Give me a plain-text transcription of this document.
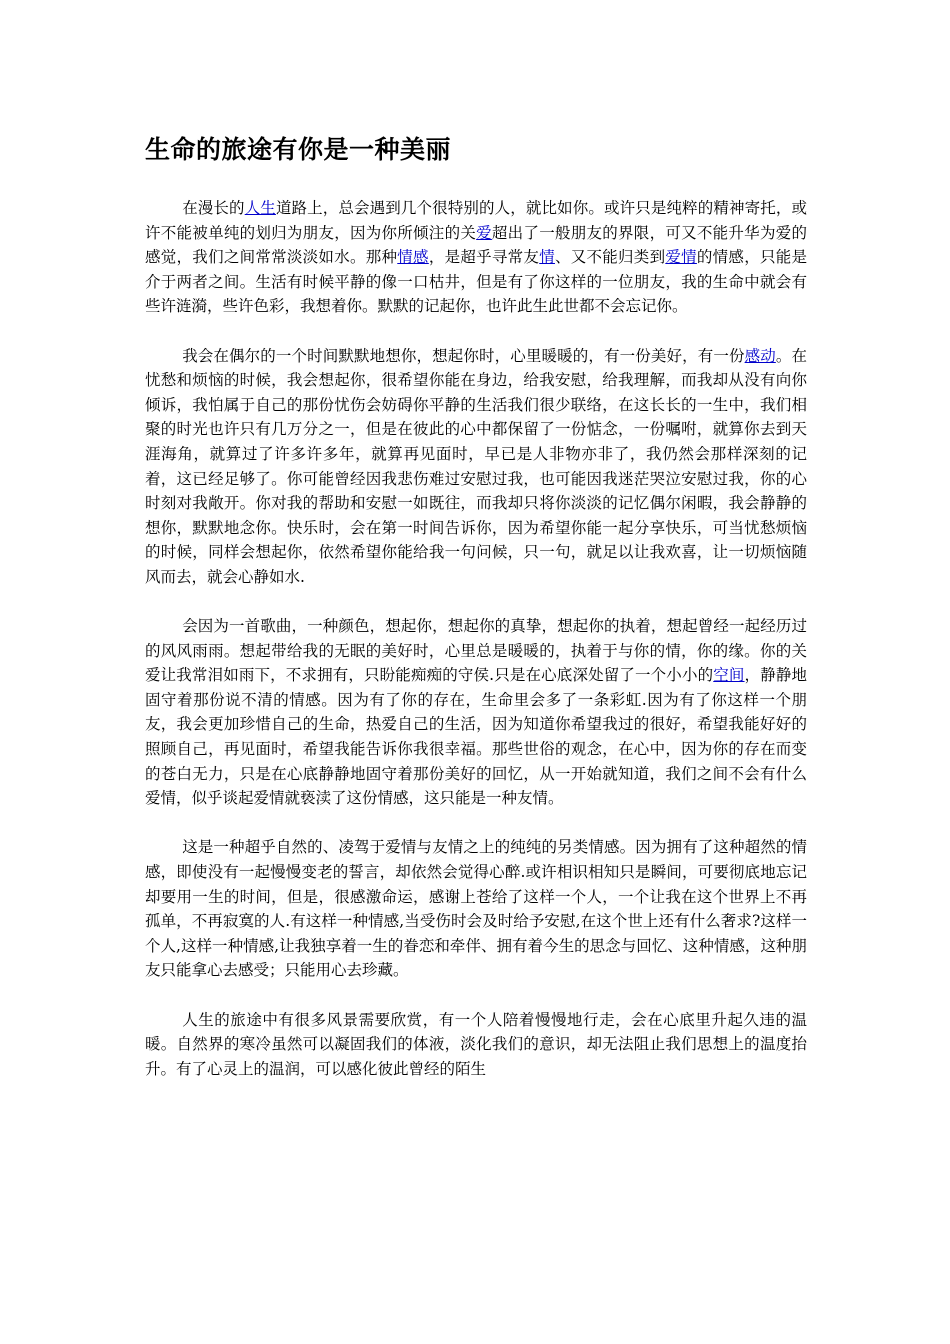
生命的旅途有你是一种美丽

在漫长的人生道路上，总会遇到几个很特别的人，就比如你。或许只是纯粹的精神寄托，或许不能被单纯的划归为朋友，因为你所倾注的关爱超出了一般朋友的界限，可又不能升华为爱的感觉，我们之间常常淡淡如水。那种情感，是超乎寻常友情、又不能归类到爱情的情感，只能是介于两者之间。生活有时候平静的像一口枯井，但是有了你这样的一位朋友，我的生命中就会有些许涟漪，些许色彩，我想着你。默默的记起你，也许此生此世都不会忘记你。

我会在偶尔的一个时间默默地想你，想起你时，心里暖暖的，有一份美好，有一份感动。在忧愁和烦恼的时候，我会想起你，很希望你能在身边，给我安慰，给我理解，而我却从没有向你倾诉，我怕属于自己的那份忧伤会妨碍你平静的生活我们很少联络，在这长长的一生中，我们相聚的时光也许只有几万分之一，但是在彼此的心中都保留了一份惦念，一份嘱咐，就算你去到天涯海角，就算过了许多许多年，就算再见面时，早已是人非物亦非了，我仍然会那样深刻的记着，这已经足够了。你可能曾经因我悲伤难过安慰过我，也可能因我迷茫哭泣安慰过我，你的心时刻对我敞开。你对我的帮助和安慰一如既往，而我却只将你淡淡的记忆偶尔闲暇，我会静静的想你，默默地念你。快乐时，会在第一时间告诉你，因为希望你能一起分享快乐，可当忧愁烦恼的时候，同样会想起你，依然希望你能给我一句问候，只一句，就足以让我欢喜，让一切烦恼随风而去，就会心静如水.

会因为一首歌曲，一种颜色，想起你，想起你的真挚，想起你的执着，想起曾经一起经历过的风风雨雨。想起带给我的无眠的美好时，心里总是暖暖的，执着于与你的情，你的缘。你的关爱让我常泪如雨下，不求拥有，只盼能痴痴的守侯.只是在心底深处留了一个小小的空间，静静地固守着那份说不清的情感。因为有了你的存在，生命里会多了一条彩虹.因为有了你这样一个朋友，我会更加珍惜自己的生命，热爱自己的生活，因为知道你希望我过的很好，希望我能好好的照顾自己，再见面时，希望我能告诉你我很幸福。那些世俗的观念，在心中，因为你的存在而变的苍白无力，只是在心底静静地固守着那份美好的回忆，从一开始就知道，我们之间不会有什么爱情，似乎谈起爱情就亵渎了这份情感，这只能是一种友情。

这是一种超乎自然的、凌驾于爱情与友情之上的纯纯的另类情感。因为拥有了这种超然的情感，即使没有一起慢慢变老的誓言，却依然会觉得心醉.或许相识相知只是瞬间，可要彻底地忘记却要用一生的时间，但是，很感激命运，感谢上苍给了这样一个人，一个让我在这个世界上不再孤单，不再寂寞的人.有这样一种情感,当受伤时会及时给予安慰,在这个世上还有什么奢求?这样一个人,这样一种情感,让我独享着一生的眷恋和牵伴、拥有着今生的思念与回忆、这种情感，这种朋友只能拿心去感受；只能用心去珍藏。

人生的旅途中有很多风景需要欣赏，有一个人陪着慢慢地行走，会在心底里升起久违的温暖。自然界的寒冷虽然可以凝固我们的体液，淡化我们的意识，却无法阻止我们思想上的温度抬升。有了心灵上的温润，可以感化彼此曾经的陌生
